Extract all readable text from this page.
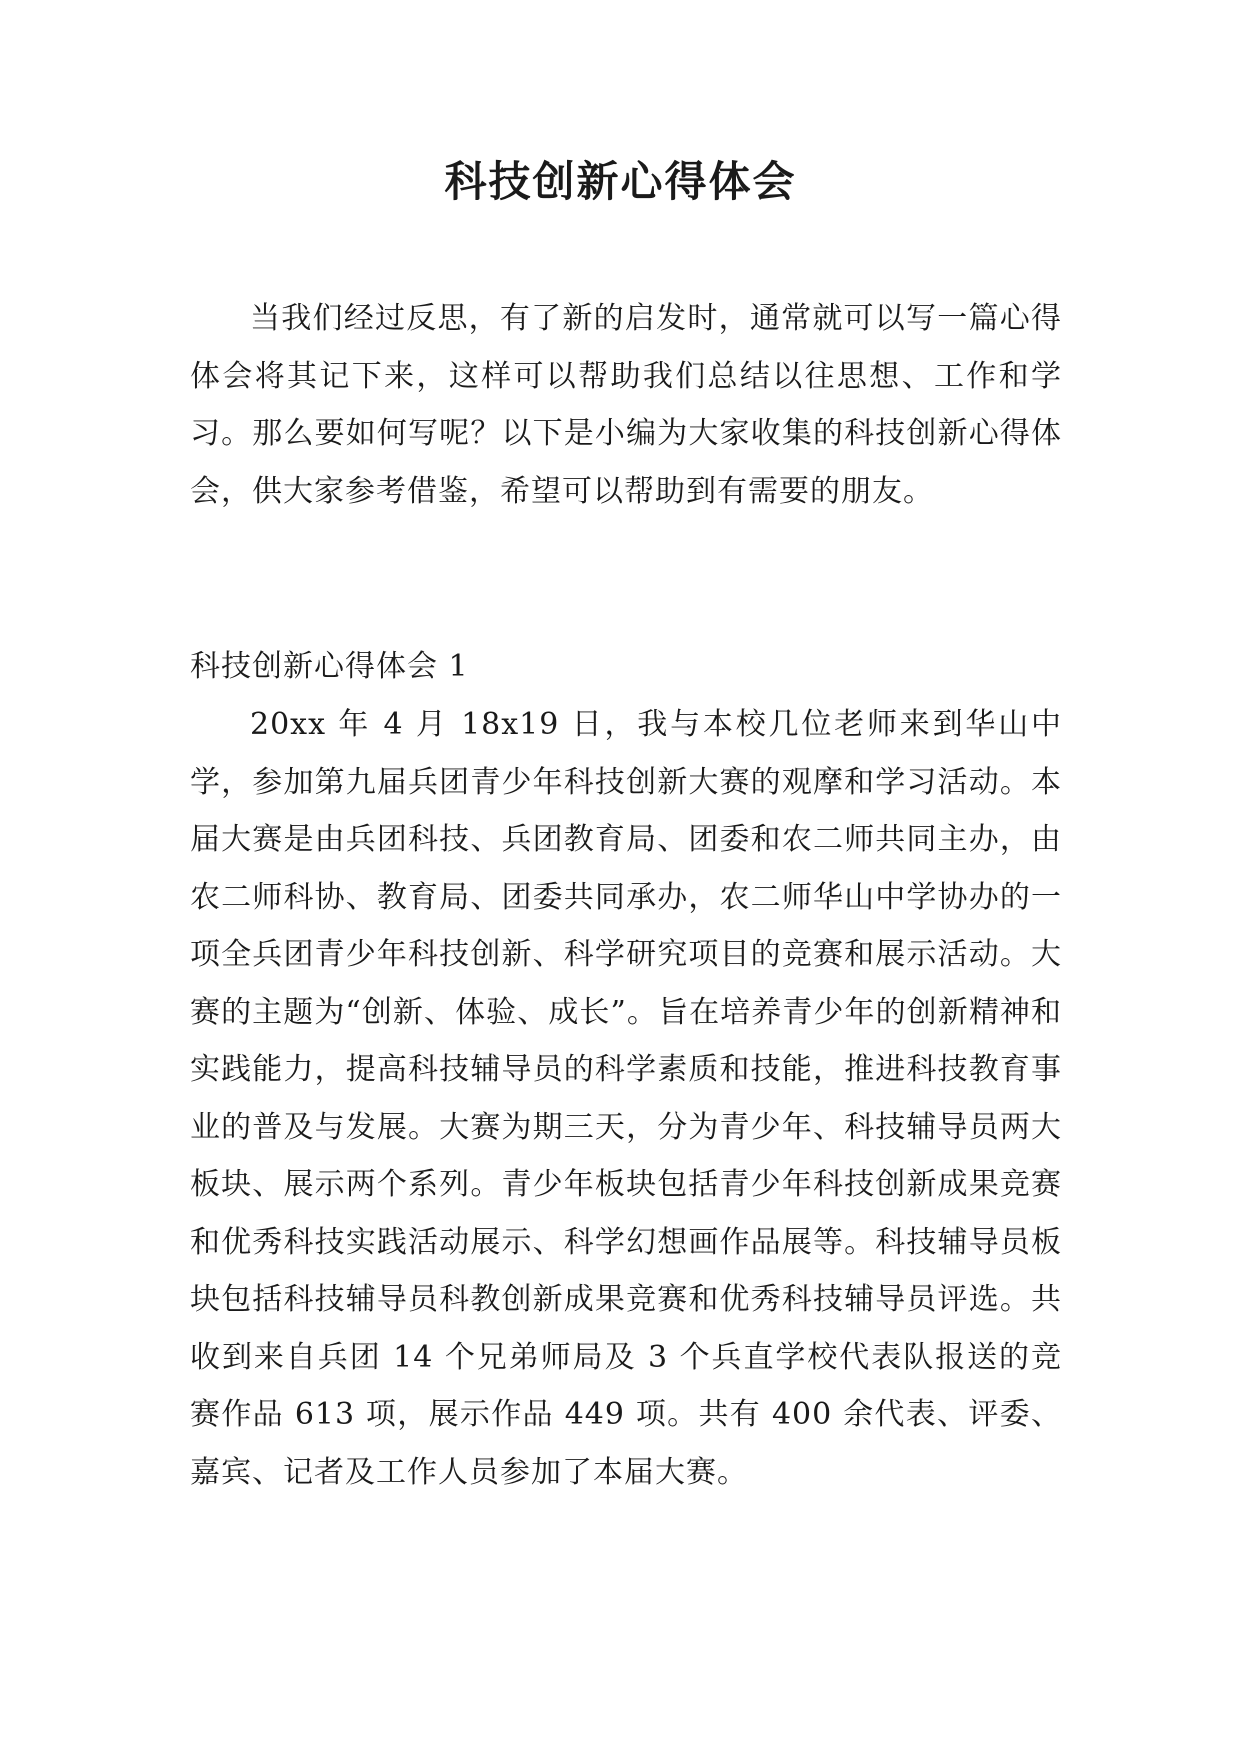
科技创新心得体会

当我们经过反思，有了新的启发时，通常就可以写一篇心得体会将其记下来，这样可以帮助我们总结以往思想、工作和学习。那么要如何写呢？以下是小编为大家收集的科技创新心得体会，供大家参考借鉴，希望可以帮助到有需要的朋友。

科技创新心得体会 1

20xx 年 4 月 18x19 日，我与本校几位老师来到华山中学，参加第九届兵团青少年科技创新大赛的观摩和学习活动。本届大赛是由兵团科技、兵团教育局、团委和农二师共同主办，由农二师科协、教育局、团委共同承办，农二师华山中学协办的一项全兵团青少年科技创新、科学研究项目的竞赛和展示活动。大赛的主题为“创新、体验、成长”。旨在培养青少年的创新精神和实践能力，提高科技辅导员的科学素质和技能，推进科技教育事业的普及与发展。大赛为期三天，分为青少年、科技辅导员两大板块、展示两个系列。青少年板块包括青少年科技创新成果竞赛和优秀科技实践活动展示、科学幻想画作品展等。科技辅导员板块包括科技辅导员科教创新成果竞赛和优秀科技辅导员评选。共收到来自兵团 14 个兄弟师局及 3 个兵直学校代表队报送的竞赛作品 613 项，展示作品 449 项。共有 400 余代表、评委、嘉宾、记者及工作人员参加了本届大赛。
